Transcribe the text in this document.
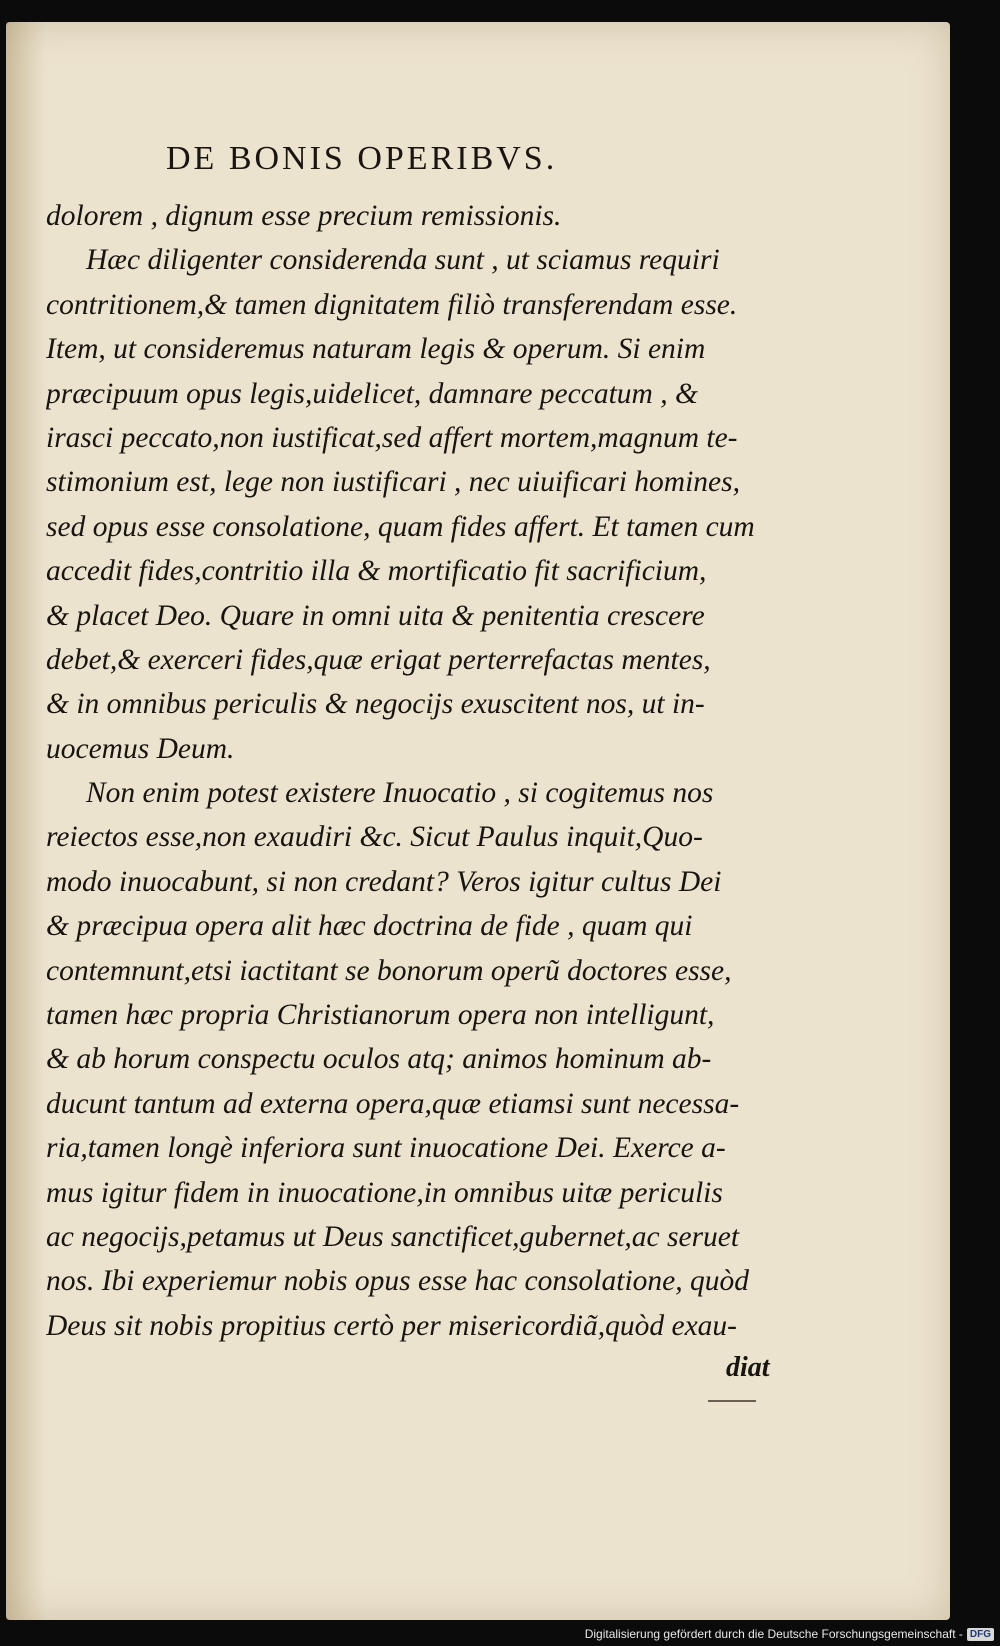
DE BONIS OPERIBVS.
dolorem , dignum esse precium remissionis.
Hæc diligenter considerenda sunt , ut sciamus requiri
contritionem,& tamen dignitatem filiò transferendam esse.
Item, ut consideremus naturam legis & operum. Si enim
præcipuum opus legis,uidelicet, damnare peccatum , &
irasci peccato,non iustificat,sed affert mortem,magnum te-
stimonium est, lege non iustificari , nec uiuificari homines,
sed opus esse consolatione, quam fides affert. Et tamen cum
accedit fides,contritio illa & mortificatio fit sacrificium,
& placet Deo. Quare in omni uita & penitentia crescere
debet,& exerceri fides,quæ erigat perterrefactas mentes,
& in omnibus periculis & negocijs exuscitent nos, ut in-
uocemus Deum.
Non enim potest existere Inuocatio , si cogitemus nos
reiectos esse,non exaudiri &c. Sicut Paulus inquit,Quo-
modo inuocabunt, si non credant? Veros igitur cultus Dei
& præcipua opera alit hæc doctrina de fide , quam qui
contemnunt,etsi iactitant se bonorum operũ doctores esse,
tamen hæc propria Christianorum opera non intelligunt,
& ab horum conspectu oculos atq; animos hominum ab-
ducunt tantum ad externa opera,quæ etiamsi sunt necessa-
ria,tamen longè inferiora sunt inuocatione Dei. Exerce a-
mus igitur fidem in inuocatione,in omnibus uitæ periculis
ac negocijs,petamus ut Deus sanctificet,gubernet,ac seruet
nos. Ibi experiemur nobis opus esse hac consolatione, quòd
Deus sit nobis propitius certò per misericordiã,quòd exau-
diat
Digitalisierung gefördert durch die Deutsche Forschungsgemeinschaft - DFG
